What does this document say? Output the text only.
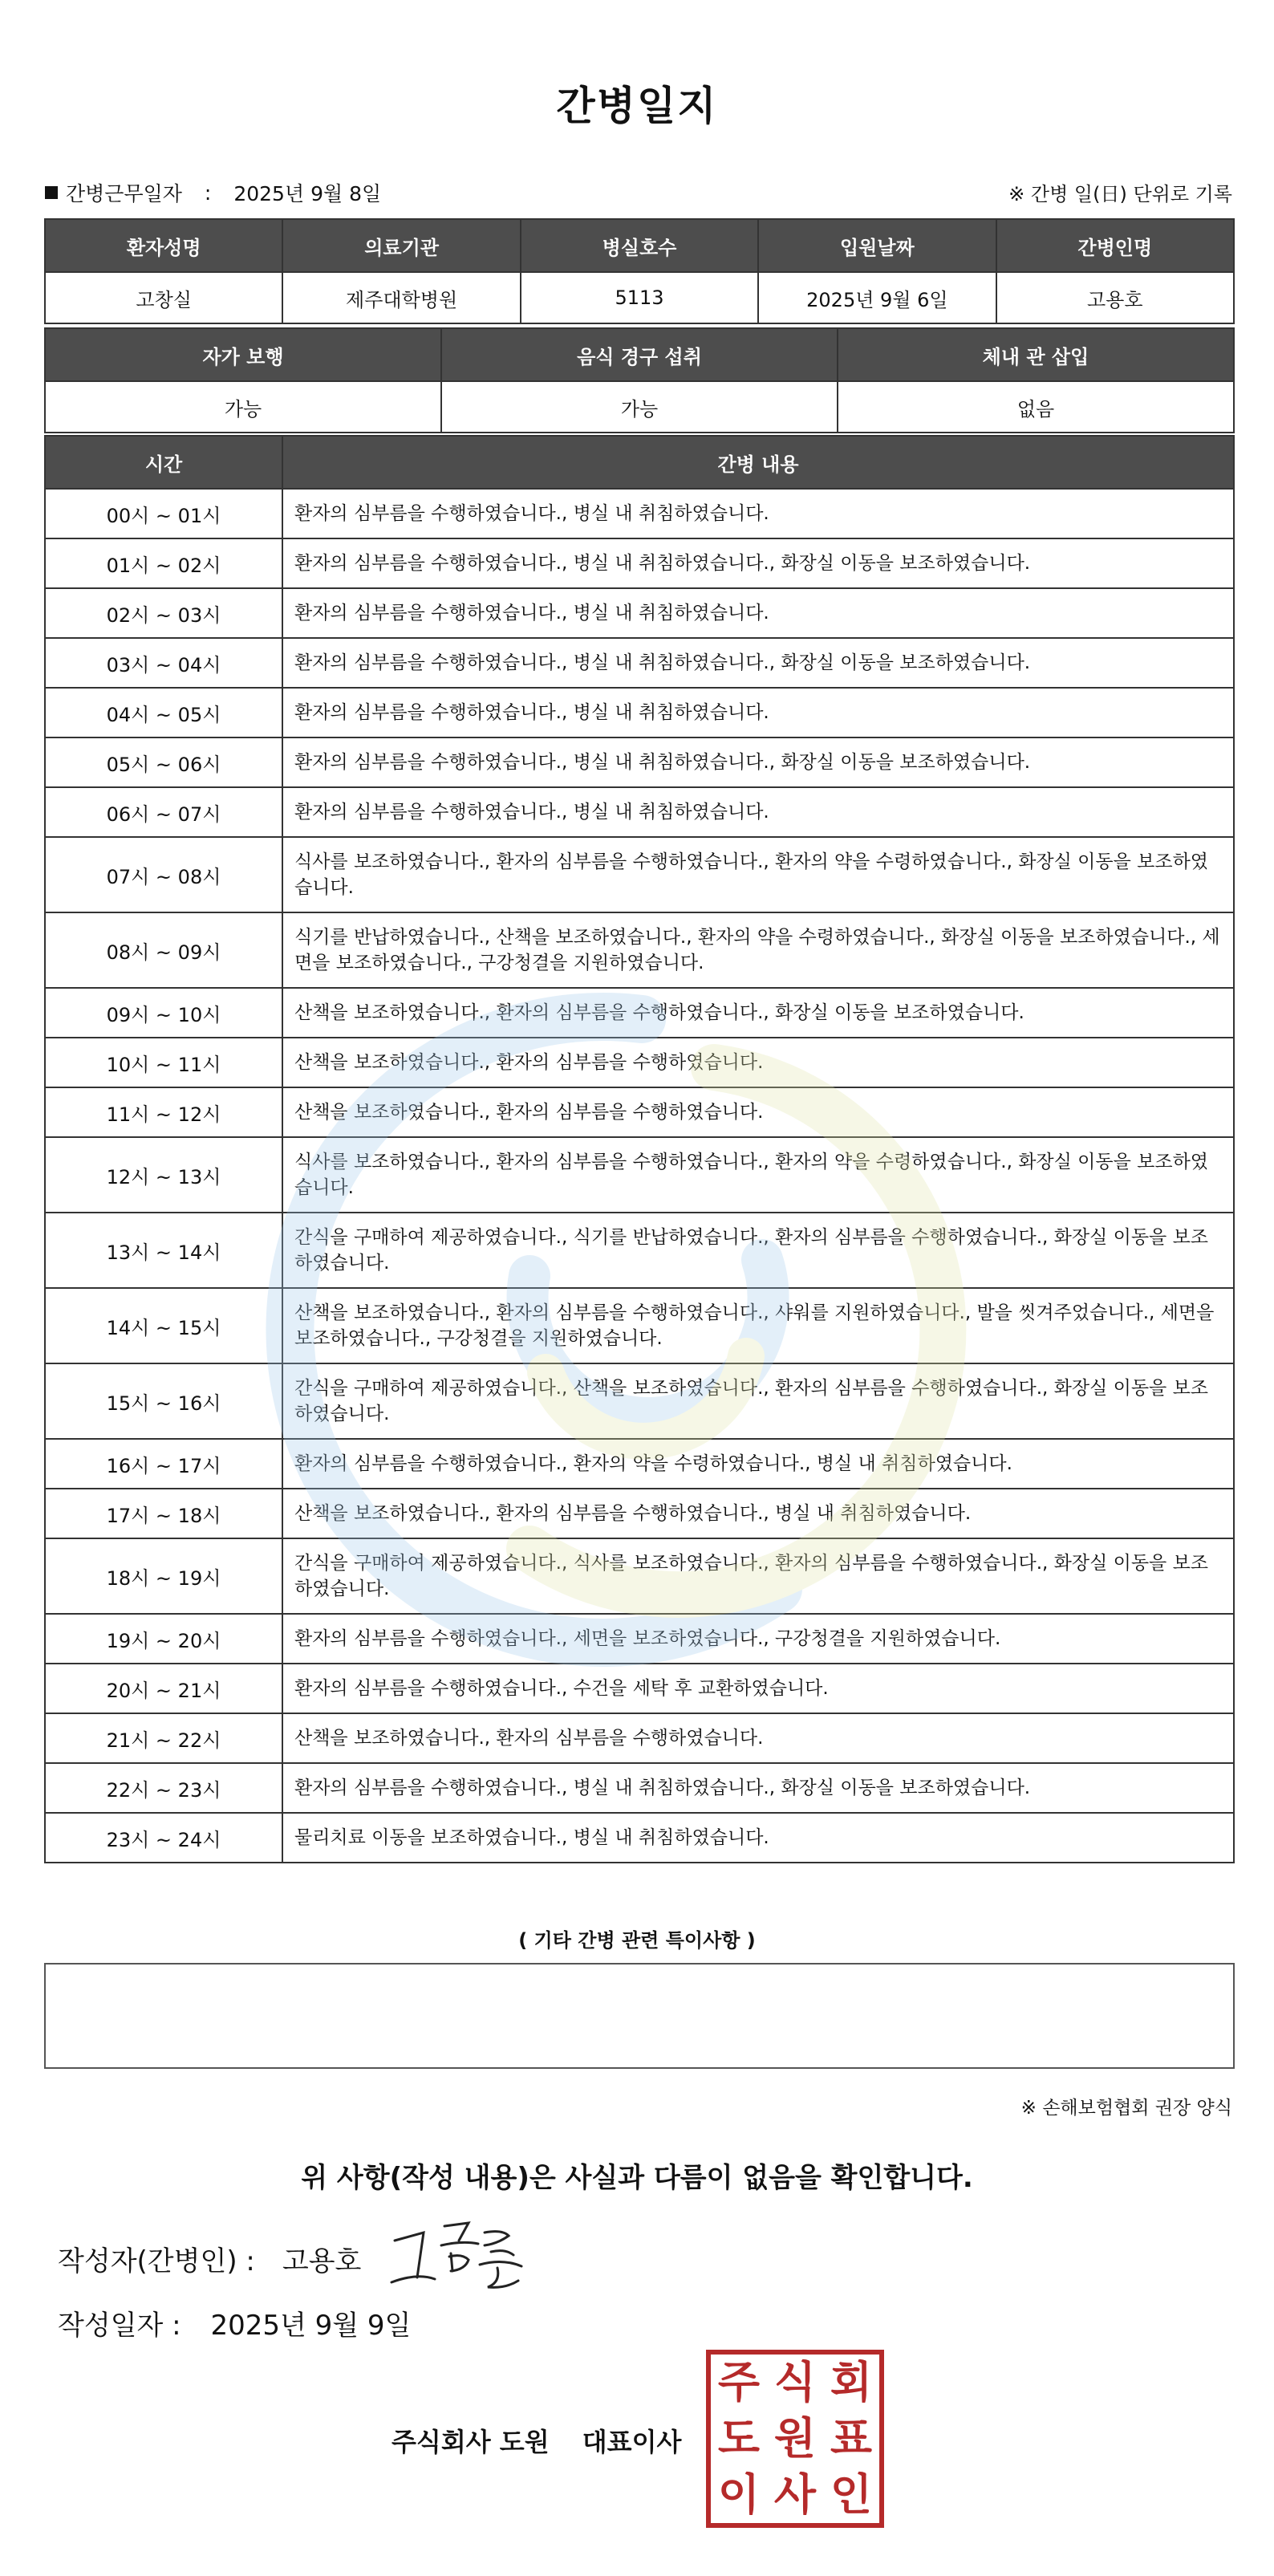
간병일지
간병근무일자 : 2025년 9월 8일	※ 간병 일(日) 단위로 기록
환자성명	의료기관	병실호수	입원날짜	간병인명
고창실	제주대학병원	5113	2025년 9월 6일	고용호
자가 보행	음식 경구 섭취	체내 관 삽입
가능	가능	없음
시간	간병 내용
00시 ~ 01시	환자의 심부름을 수행하였습니다., 병실 내 취침하였습니다.
01시 ~ 02시	환자의 심부름을 수행하였습니다., 병실 내 취침하였습니다., 화장실 이동을 보조하였습니다.
02시 ~ 03시	환자의 심부름을 수행하였습니다., 병실 내 취침하였습니다.
03시 ~ 04시	환자의 심부름을 수행하였습니다., 병실 내 취침하였습니다., 화장실 이동을 보조하였습니다.
04시 ~ 05시	환자의 심부름을 수행하였습니다., 병실 내 취침하였습니다.
05시 ~ 06시	환자의 심부름을 수행하였습니다., 병실 내 취침하였습니다., 화장실 이동을 보조하였습니다.
06시 ~ 07시	환자의 심부름을 수행하였습니다., 병실 내 취침하였습니다.
07시 ~ 08시	식사를 보조하였습니다., 환자의 심부름을 수행하였습니다., 환자의 약을 수령하였습니다., 화장실 이동을 보조하였습니다.
08시 ~ 09시	식기를 반납하였습니다., 산책을 보조하였습니다., 환자의 약을 수령하였습니다., 화장실 이동을 보조하였습니다., 세면을 보조하였습니다., 구강청결을 지원하였습니다.
09시 ~ 10시	산책을 보조하였습니다., 환자의 심부름을 수행하였습니다., 화장실 이동을 보조하였습니다.
10시 ~ 11시	산책을 보조하였습니다., 환자의 심부름을 수행하였습니다.
11시 ~ 12시	산책을 보조하였습니다., 환자의 심부름을 수행하였습니다.
12시 ~ 13시	식사를 보조하였습니다., 환자의 심부름을 수행하였습니다., 환자의 약을 수령하였습니다., 화장실 이동을 보조하였습니다.
13시 ~ 14시	간식을 구매하여 제공하였습니다., 식기를 반납하였습니다., 환자의 심부름을 수행하였습니다., 화장실 이동을 보조하였습니다.
14시 ~ 15시	산책을 보조하였습니다., 환자의 심부름을 수행하였습니다., 샤워를 지원하였습니다., 발을 씻겨주었습니다., 세면을 보조하였습니다., 구강청결을 지원하였습니다.
15시 ~ 16시	간식을 구매하여 제공하였습니다., 산책을 보조하였습니다., 환자의 심부름을 수행하였습니다., 화장실 이동을 보조하였습니다.
16시 ~ 17시	환자의 심부름을 수행하였습니다., 환자의 약을 수령하였습니다., 병실 내 취침하였습니다.
17시 ~ 18시	산책을 보조하였습니다., 환자의 심부름을 수행하였습니다., 병실 내 취침하였습니다.
18시 ~ 19시	간식을 구매하여 제공하였습니다., 식사를 보조하였습니다., 환자의 심부름을 수행하였습니다., 화장실 이동을 보조하였습니다.
19시 ~ 20시	환자의 심부름을 수행하였습니다., 세면을 보조하였습니다., 구강청결을 지원하였습니다.
20시 ~ 21시	환자의 심부름을 수행하였습니다., 수건을 세탁 후 교환하였습니다.
21시 ~ 22시	산책을 보조하였습니다., 환자의 심부름을 수행하였습니다.
22시 ~ 23시	환자의 심부름을 수행하였습니다., 병실 내 취침하였습니다., 화장실 이동을 보조하였습니다.
23시 ~ 24시	물리치료 이동을 보조하였습니다., 병실 내 취침하였습니다.
( 기타 간병 관련 특이사항 )
※ 손해보험협회 권장 양식
위 사항(작성 내용)은 사실과 다름이 없음을 확인합니다.
작성자(간병인) : 고용호
작성일자 : 2025년 9월 9일
주식회사 도원 대표이사
주 식 회
도 원 표
이 사 인
